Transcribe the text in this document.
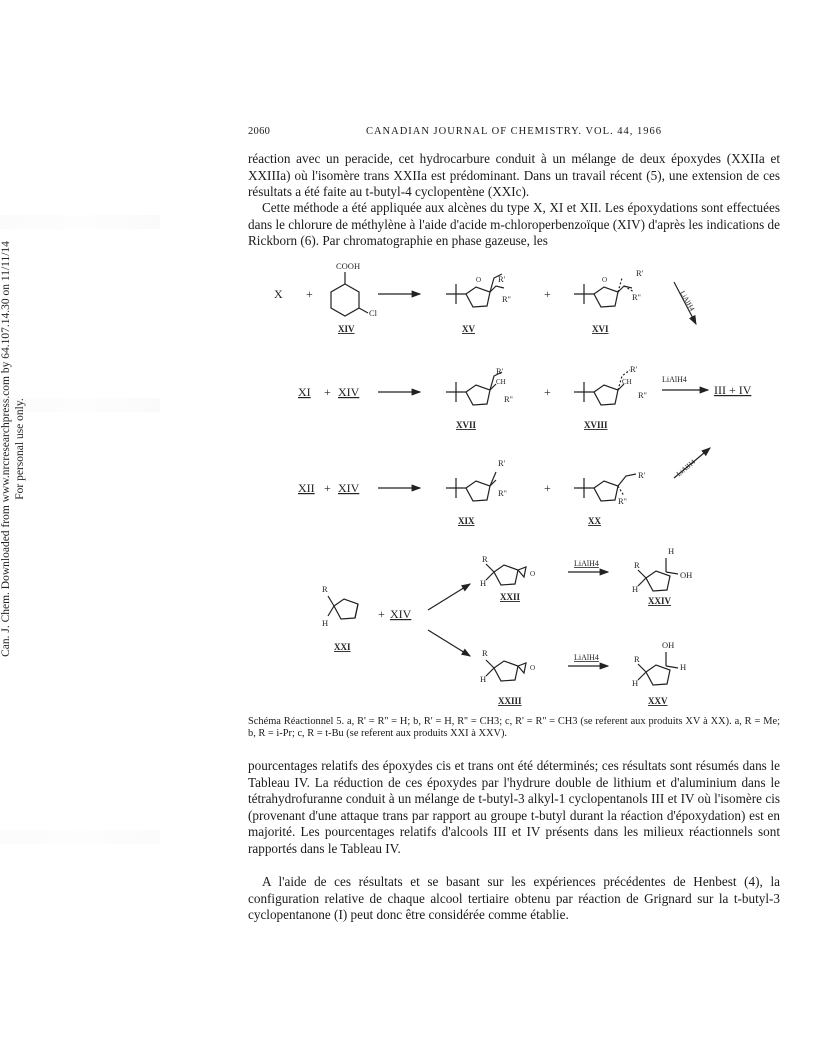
2060	CANADIAN JOURNAL OF CHEMISTRY. VOL. 44, 1966
Can. J. Chem. Downloaded from www.nrcresearchpress.com by 64.107.14.30 on 11/11/14 For personal use only.

réaction avec un peracide, cet hydrocarbure conduit à un mélange de deux époxydes (XXIIa et XXIIIa) où l'isomère trans XXIIa est prédominant. Dans un travail récent (5), une extension de ces résultats a été faite au t-butyl-4 cyclopentène (XXIc).

Cette méthode a été appliquée aux alcènes du type X, XI et XII. Les époxydations sont effectuées dans le chlorure de méthylène à l'aide d'acide m-chloroperbenzoïque (XIV) d'après les indications de Rickborn (6). Par chromatographie en phase gazeuse, les

X +
COOH
Cl
XIV
R'
R''
O
XV
+
R'
R''
O
XVI
LiAlH4
XI + XIV
R'
CH
R''
XVII
+
R'
CH
R''
XVIII
LiAlH4
III + IV
XII + XIV
R'
R''
XIX
+
R'
R''
XX
LiAlH4
R
H
XXI
+ XIV
R
H
O
XXII
LiAlH4	R
H
H
OH
XXIV
R
H
O
XXIII
LiAlH4	R
H
OH
H
XXV
Schéma Réactionnel 5. a, R' = R'' = H; b, R' = H, R'' = CH3; c, R' = R'' = CH3 (se referent aux produits XV à XX). a, R = Me; b, R = i-Pr; c, R = t-Bu (se referent aux produits XXI à XXV).

pourcentages relatifs des époxydes cis et trans ont été déterminés; ces résultats sont résumés dans le Tableau IV. La réduction de ces époxydes par l'hydrure double de lithium et d'aluminium dans le tétrahydrofuranne conduit à un mélange de t-butyl-3 alkyl-1 cyclopentanols III et IV où l'isomère cis (provenant d'une attaque trans par rapport au groupe t-butyl durant la réaction d'époxydation) est en majorité. Les pourcentages relatifs d'alcools III et IV présents dans les milieux réactionnels sont rapportés dans le Tableau IV.

A l'aide de ces résultats et se basant sur les expériences précédentes de Henbest (4), la configuration relative de chaque alcool tertiaire obtenu par réaction de Grignard sur la t-butyl-3 cyclopentanone (I) peut donc être considérée comme établie.
